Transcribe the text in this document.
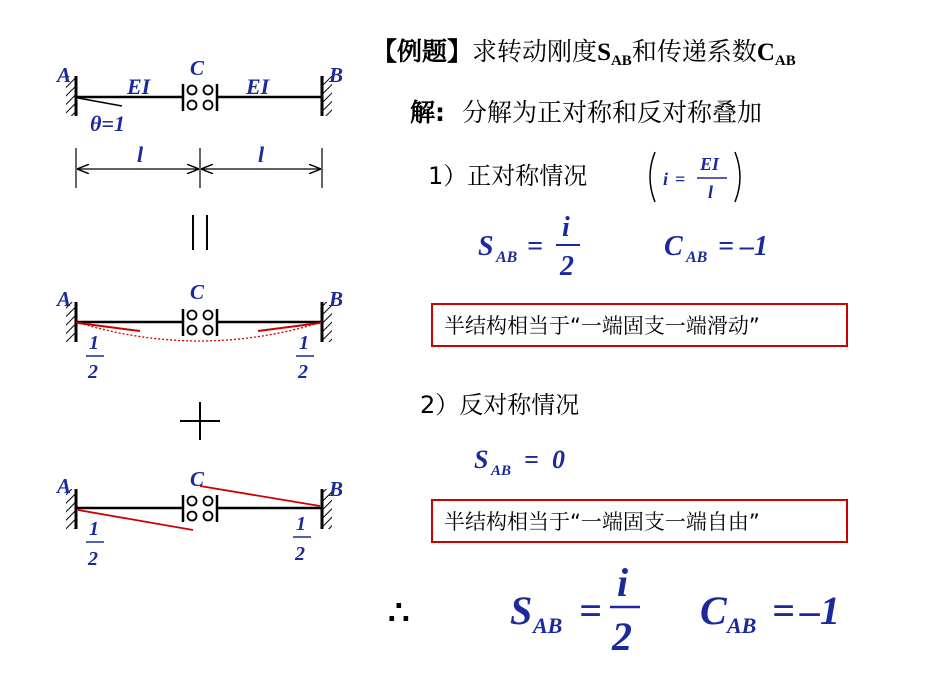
A	C	B
EI	EI
θ=1
l	l
A	C	B
1
2
1
2
A	C	B
1
2
1
2
【例题】求转动刚度$S_{AB}$和传递系数$C_{AB}$
解: 分解为正对称和反对称叠加
1）正对称情况	i =
EI
l
S AB =
i
2
C AB = –1
半结构相当于“一端固支一端滑动”
2）反对称情况
S AB = 0
半结构相当于“一端固支一端自由”
∴	S AB =
i
2
C AB = –1
